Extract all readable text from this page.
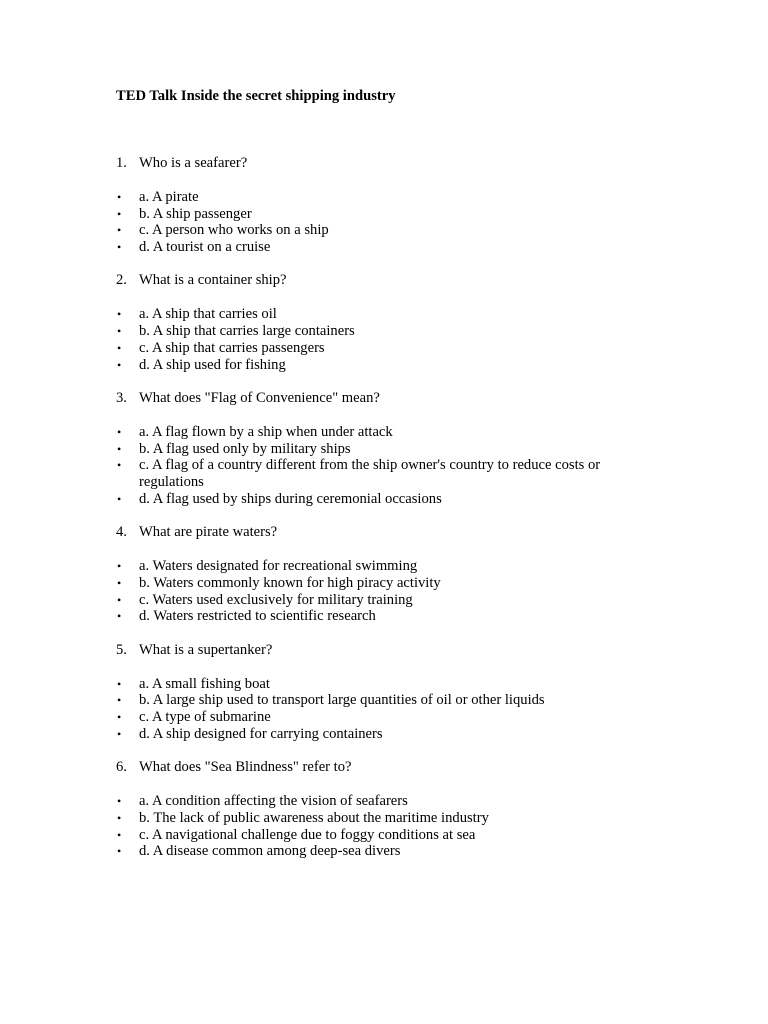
TED Talk Inside the secret shipping industry
1. Who is a seafarer?
•	a. A pirate
•	b. A ship passenger
•	c. A person who works on a ship
•	d. A tourist on a cruise
2. What is a container ship?
•	a. A ship that carries oil
•	b. A ship that carries large containers
•	c. A ship that carries passengers
•	d. A ship used for fishing
3. What does "Flag of Convenience" mean?
•	a. A flag flown by a ship when under attack
•	b. A flag used only by military ships
•	c. A flag of a country different from the ship owner's country to reduce costs or regulations
•	d. A flag used by ships during ceremonial occasions
4. What are pirate waters?
•	a. Waters designated for recreational swimming
•	b. Waters commonly known for high piracy activity
•	c. Waters used exclusively for military training
•	d. Waters restricted to scientific research
5. What is a supertanker?
•	a. A small fishing boat
•	b. A large ship used to transport large quantities of oil or other liquids
•	c. A type of submarine
•	d. A ship designed for carrying containers
6. What does "Sea Blindness" refer to?
•	a. A condition affecting the vision of seafarers
•	b. The lack of public awareness about the maritime industry
•	c. A navigational challenge due to foggy conditions at sea
•	d. A disease common among deep-sea divers
